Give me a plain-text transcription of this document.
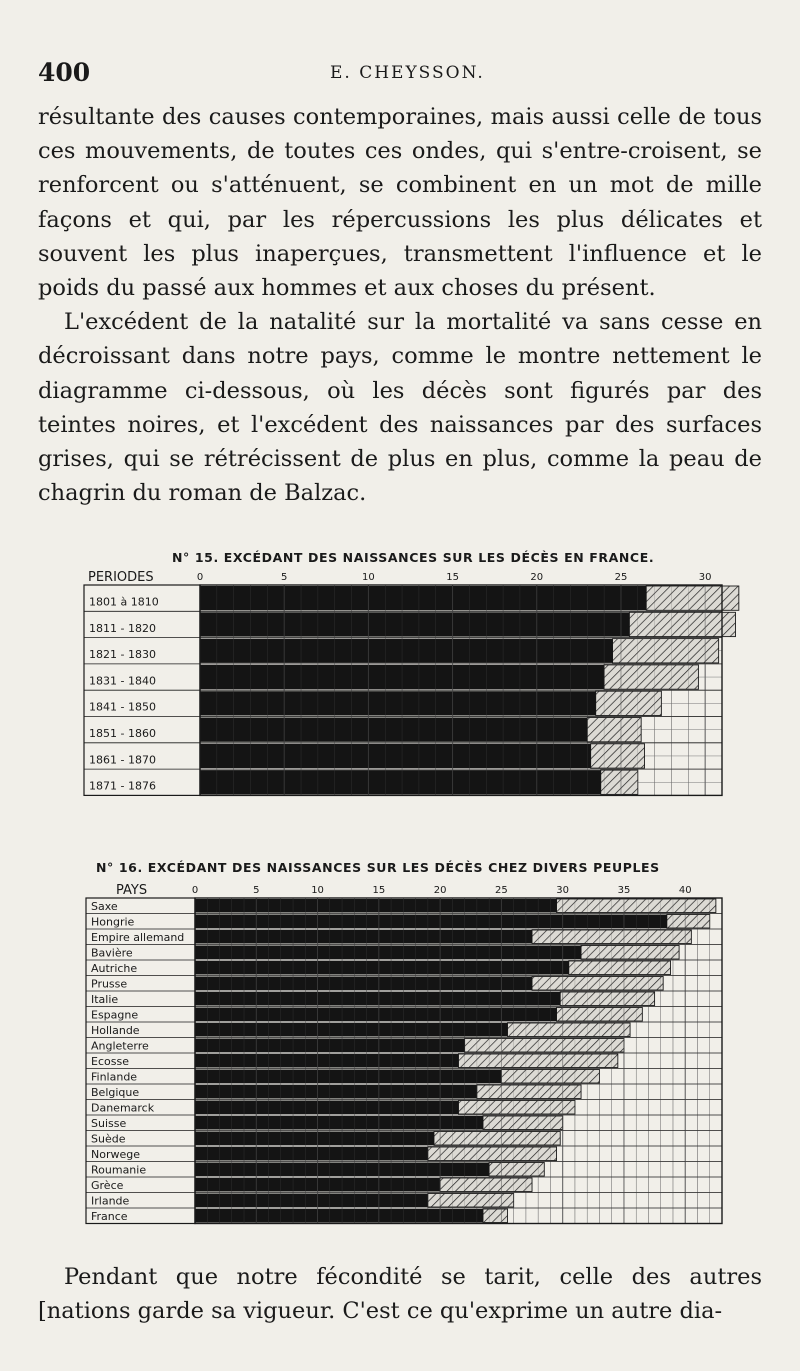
400	E. CHEYSSON.

résultante des causes contemporaines, mais aussi celle de tous ces mouvements, de toutes ces ondes, qui s'entre-croisent, se renforcent ou s'atténuent, se combinent en un mot de mille façons et qui, par les répercussions les plus délicates et souvent les plus inaperçues, transmettent l'influence et le poids du passé aux hommes et aux choses du présent.

L'excédent de la natalité sur la mortalité va sans cesse en décroissant dans notre pays, comme le montre nettement le diagramme ci-dessous, où les décès sont figurés par des teintes noires, et l'excédent des naissances par des surfaces grises, qui se rétrécissent de plus en plus, comme la peau de chagrin du roman de Balzac.

N° 15. EXCÉDANT DES NAISSANCES SUR LES DÉCÈS EN FRANCE.
N° 16. EXCÉDANT DES NAISSANCES SUR LES DÉCÈS CHEZ DIVERS PEUPLES
PERIODES
1801 à 1810
1811 - 1820
1821 - 1830
1831 - 1840
1841 - 1850
1851 - 1860
1861 - 1870
1871 - 1876
0	5	10	15	20	25	30
PAYS
Saxe
Hongrie
Empire allemand
Bavière
Autriche
Prusse
Italie
Espagne
Hollande
Angleterre
Ecosse
Finlande
Belgique
Danemarck
Suisse
Suède
Norwege
Roumanie
Grèce
Irlande
France
0	5	10	15	20	25	30	35	40

Pendant que notre fécondité se tarit, celle des autres [nations garde sa vigueur. C'est ce qu'exprime un autre dia-
